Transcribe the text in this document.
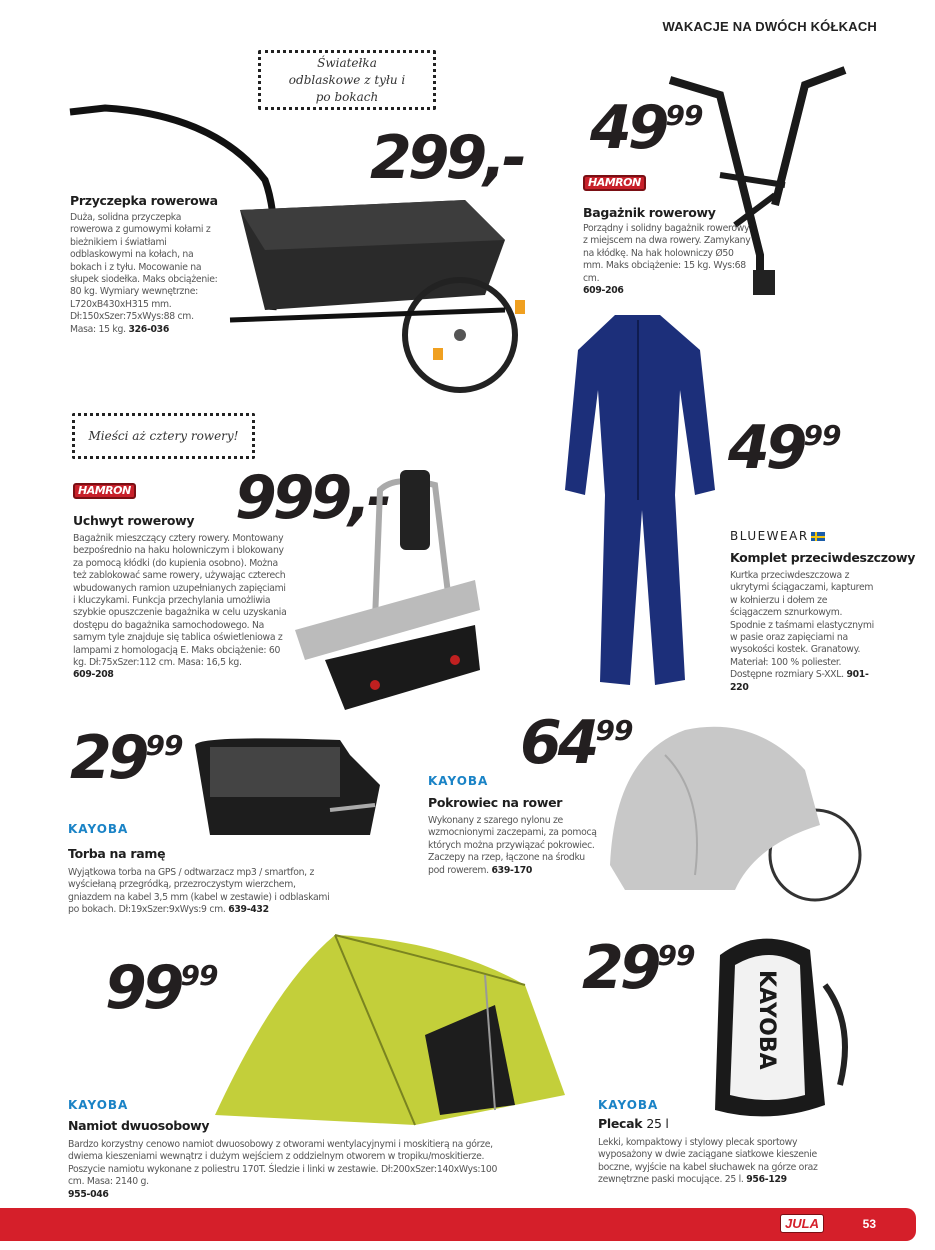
WAKACJE NA DWÓCH KÓŁKACH
Światełka odblaskowe z tyłu i po bokach
299,-
Przyczepka rowerowa
Duża, solidna przyczepka rowerowa z gumowymi kołami z bieżnikiem i światłami odblaskowymi na kołach, na bokach i z tyłu. Mocowanie na słupek siodełka. Maks obciążenie: 80 kg. Wymiary wewnętrzne: L720xB430xH315 mm. Dł:150xSzer:75xWys:88 cm. Masa: 15 kg. 326-036
4999
HAMRON
Bagażnik rowerowy
Porządny i solidny bagażnik rowerowy z miejscem na dwa rowery. Zamykany na kłódkę. Na hak holowniczy Ø50 mm. Maks obciążenie: 15 kg. Wys:68 cm.
609-206
4999
BLUEWEAR
Komplet przeciwdeszczowy
Kurtka przeciwdeszczowa z ukrytymi ściągaczami, kapturem w kołnierzu i dołem ze ściągaczem sznurkowym. Spodnie z taśmami elastycznymi w pasie oraz zapięciami na wysokości kostek. Granatowy. Materiał: 100 % poliester. Dostępne rozmiary S-XXL. 901-220
Mieści aż cztery rowery!
999,-
HAMRON
Uchwyt rowerowy
Bagażnik mieszczący cztery rowery. Montowany bezpośrednio na haku holowniczym i blokowany za pomocą kłódki (do kupienia osobno). Można też zablokować same rowery, używając czterech wbudowanych ramion uzupełnianych zapięciami i kluczykami. Funkcja przechylania umożliwia szybkie opuszczenie bagażnika w celu uzyskania dostępu do bagażnika samochodowego. Na samym tyle znajduje się tablica oświetleniowa z lampami z homologacją E. Maks obciążenie: 60 kg. Dł:75xSzer:112 cm. Masa: 16,5 kg.
609-208
2999
KAYOBA
Torba na ramę
Wyjątkowa torba na GPS / odtwarzacz mp3 / smartfon, z wyściełaną przegródką, przezroczystym wierzchem, gniazdem na kabel 3,5 mm (kabel w zestawie) i odblaskami po bokach. Dł:19xSzer:9xWys:9 cm. 639-432
6499
KAYOBA
Pokrowiec na rower
Wykonany z szarego nylonu ze wzmocnionymi zaczepami, za pomocą których można przywiązać pokrowiec. Zaczepy na rzep, łączone na środku pod rowerem. 639-170
9999
KAYOBA
Namiot dwuosobowy
Bardzo korzystny cenowo namiot dwuosobowy z otworami wentylacyjnymi i moskitierą na górze, dwiema kieszeniami wewnątrz i dużym wejściem z oddzielnym otworem w tropiku/moskitierze. Poszycie namiotu wykonane z poliestru 170T. Śledzie i linki w zestawie. Dł:200xSzer:140xWys:100 cm. Masa: 2140 g.
955-046
2999
KAYOBA
KAYOBA
Plecak 25 l
Lekki, kompaktowy i stylowy plecak sportowy wyposażony w dwie zaciągane siatkowe kieszenie boczne, wyjście na kabel słuchawek na górze oraz zewnętrzne paski mocujące. 25 l. 956-129
JULA	53
